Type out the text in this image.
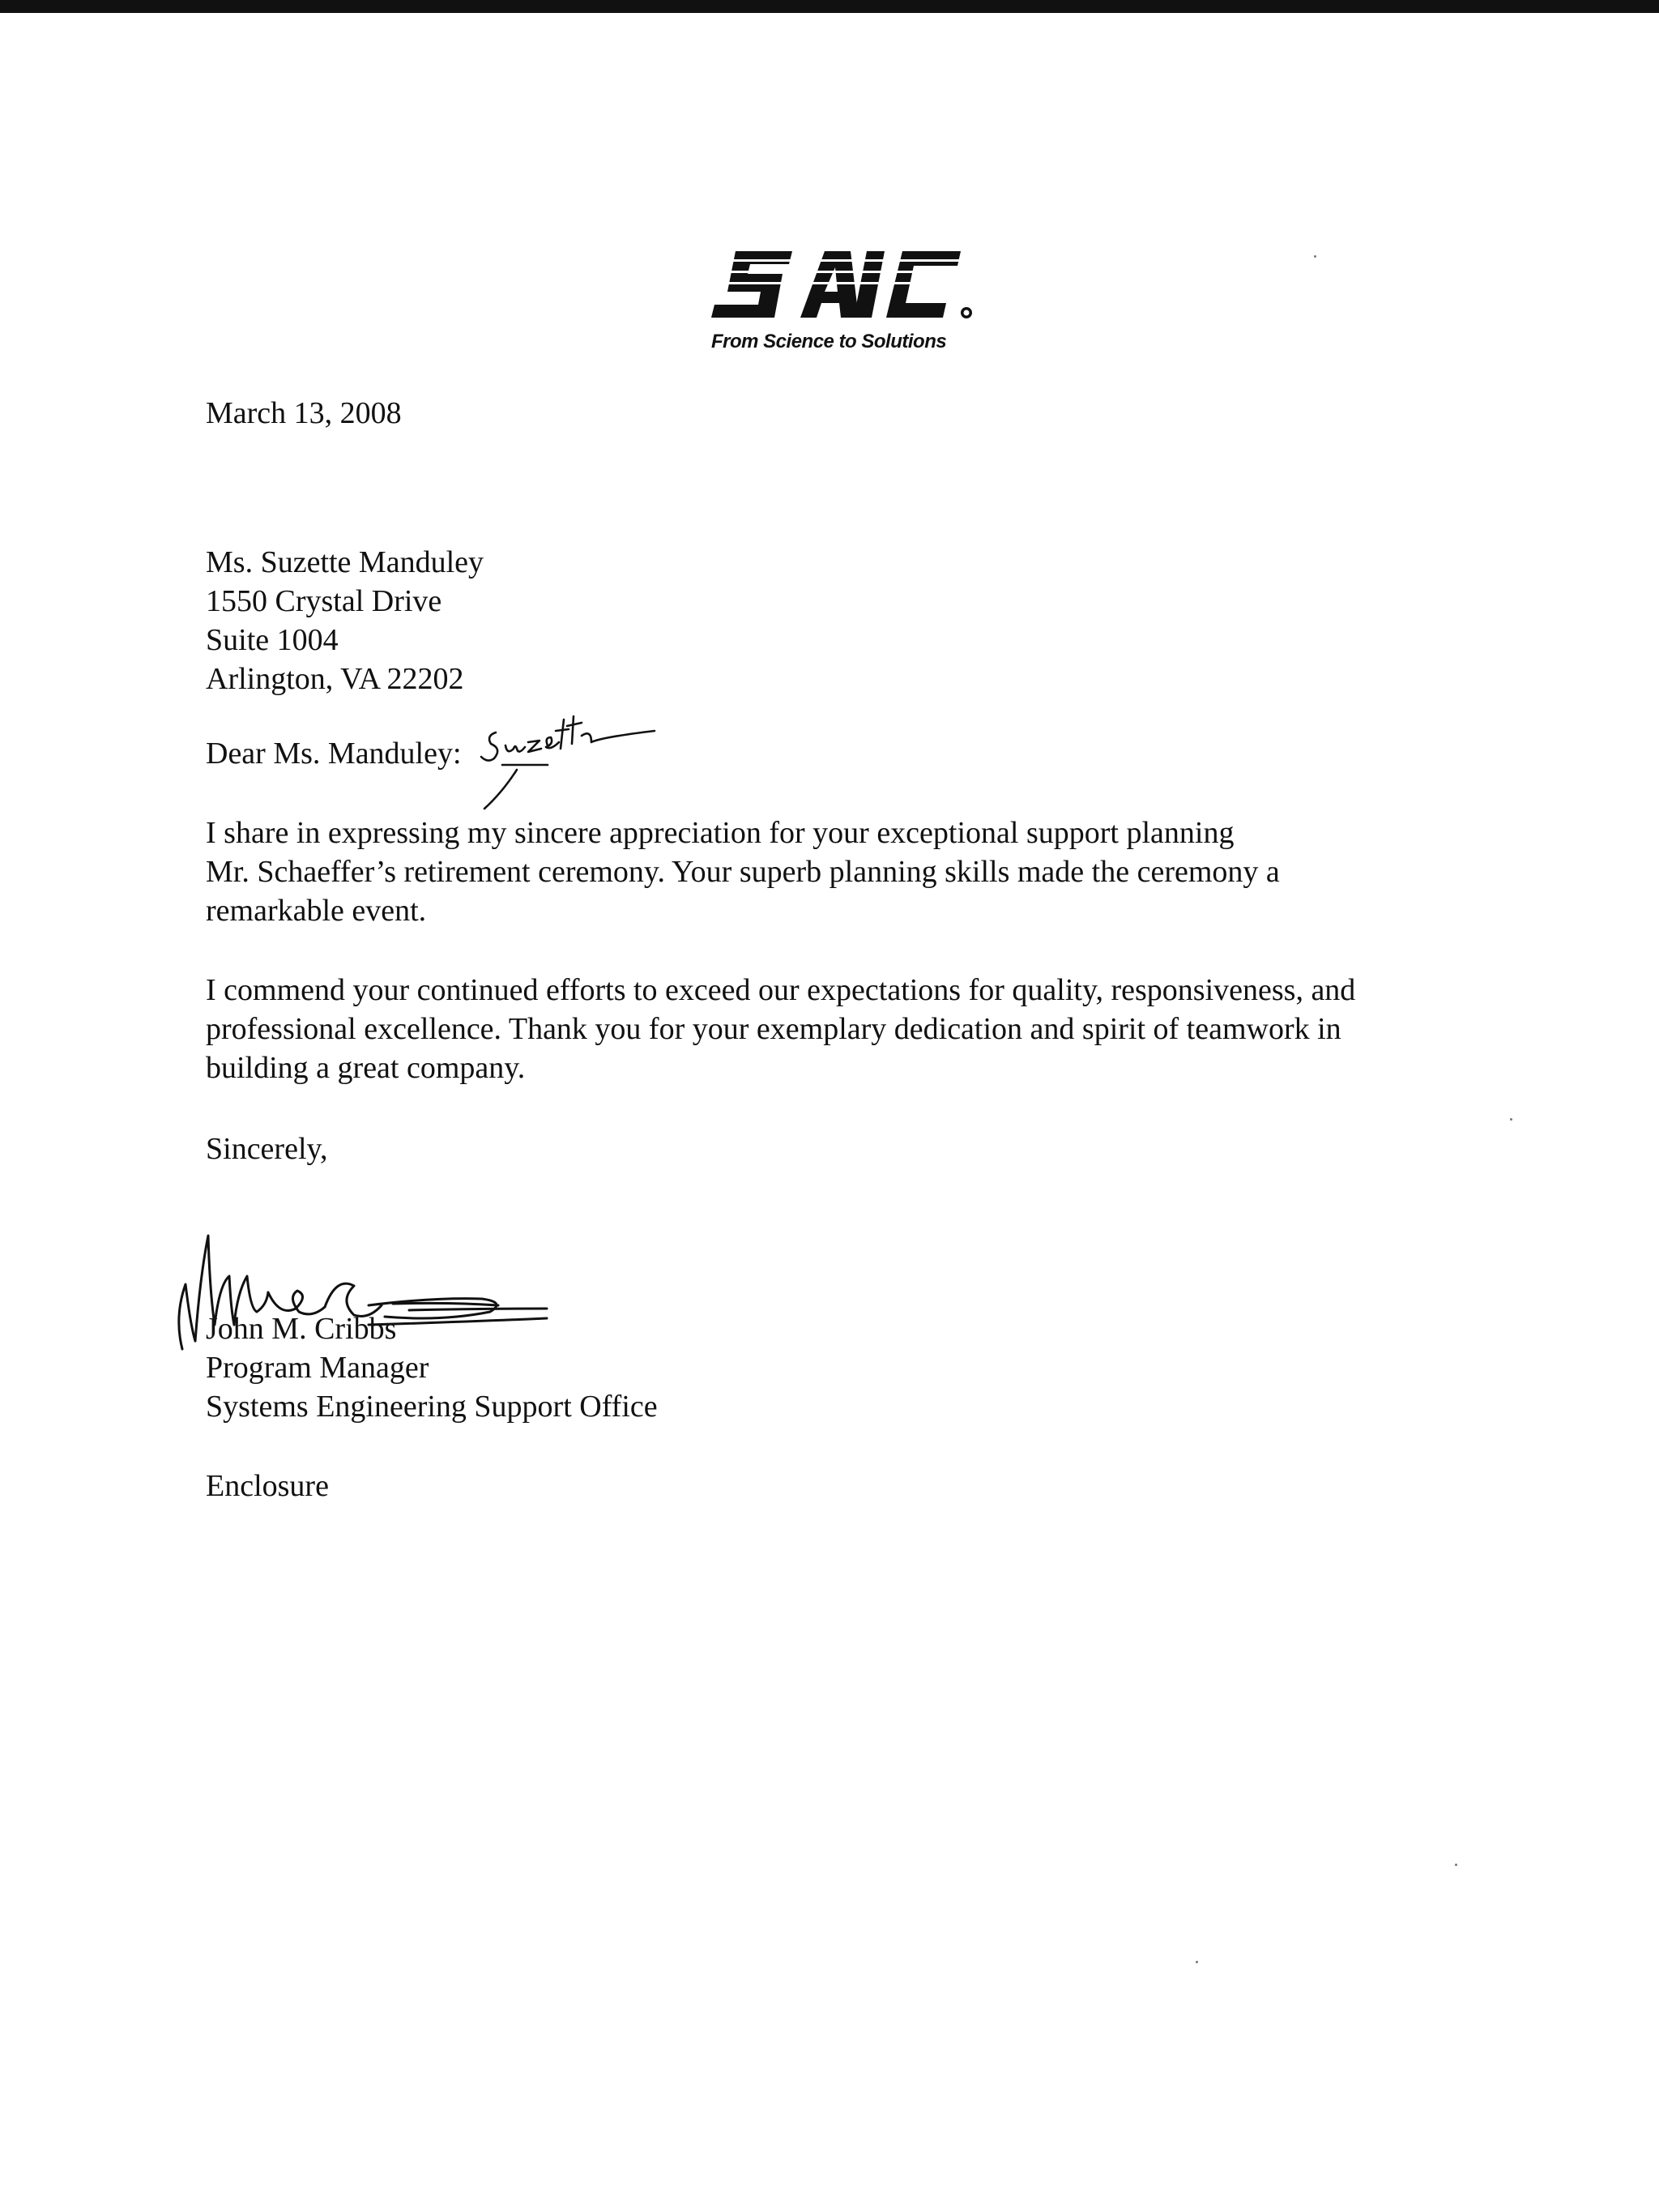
From Science to Solutions
March 13, 2008
Ms. Suzette Manduley
1550 Crystal Drive
Suite 1004
Arlington, VA 22202
Dear Ms. Manduley:
I share in expressing my sincere appreciation for your exceptional support planning
Mr. Schaeffer’s retirement ceremony. Your superb planning skills made the ceremony a
remarkable event.
I commend your continued efforts to exceed our expectations for quality, responsiveness, and
professional excellence. Thank you for your exemplary dedication and spirit of teamwork in
building a great company.
Sincerely,
John M. Cribbs
Program Manager
Systems Engineering Support Office
Enclosure
